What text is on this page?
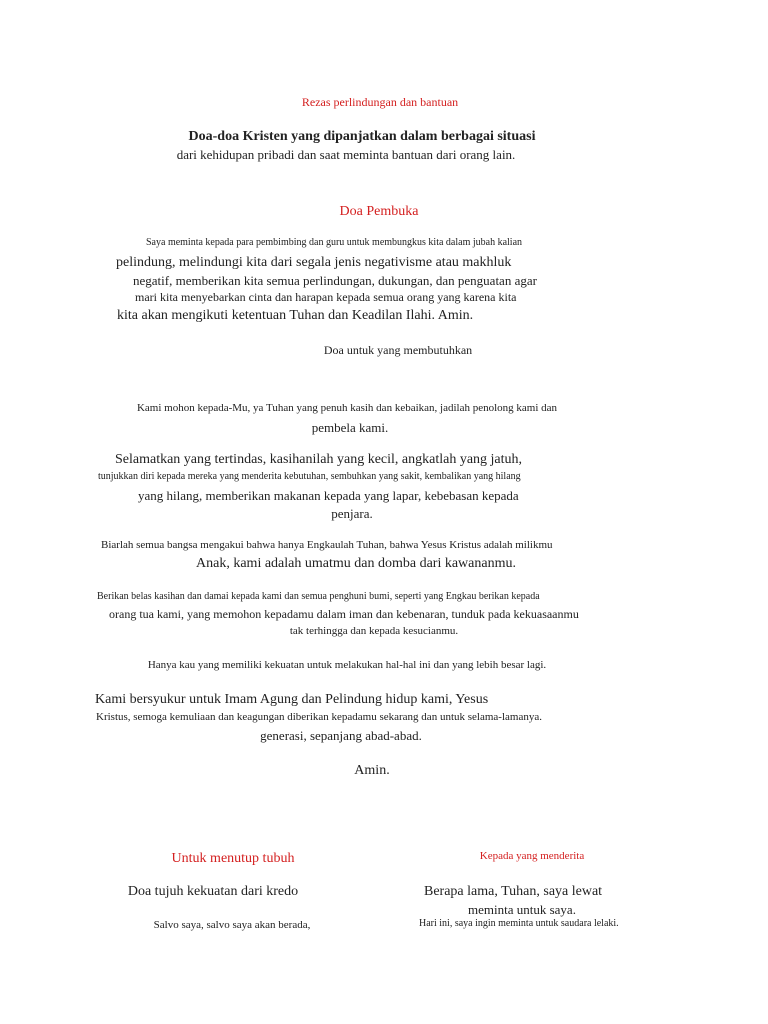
Rezas perlindungan dan bantuan
Doa-doa Kristen yang dipanjatkan dalam berbagai situasi
dari kehidupan pribadi dan saat meminta bantuan dari orang lain.
Doa Pembuka
Saya meminta kepada para pembimbing dan guru untuk membungkus kita dalam jubah kalian
pelindung, melindungi kita dari segala jenis negativisme atau makhluk
negatif, memberikan kita semua perlindungan, dukungan, dan penguatan agar
mari kita menyebarkan cinta dan harapan kepada semua orang yang karena kita
kita akan mengikuti ketentuan Tuhan dan Keadilan Ilahi. Amin.
Doa untuk yang membutuhkan
Kami mohon kepada-Mu, ya Tuhan yang penuh kasih dan kebaikan, jadilah penolong kami dan
pembela kami.
Selamatkan yang tertindas, kasihanilah yang kecil, angkatlah yang jatuh,
tunjukkan diri kepada mereka yang menderita kebutuhan, sembuhkan yang sakit, kembalikan yang hilang
yang hilang, memberikan makanan kepada yang lapar, kebebasan kepada
penjara.
Biarlah semua bangsa mengakui bahwa hanya Engkaulah Tuhan, bahwa Yesus Kristus adalah milikmu
Anak, kami adalah umatmu dan domba dari kawananmu.
Berikan belas kasihan dan damai kepada kami dan semua penghuni bumi, seperti yang Engkau berikan kepada
orang tua kami, yang memohon kepadamu dalam iman dan kebenaran, tunduk pada kekuasaanmu
tak terhingga dan kepada kesucianmu.
Hanya kau yang memiliki kekuatan untuk melakukan hal-hal ini dan yang lebih besar lagi.
Kami bersyukur untuk Imam Agung dan Pelindung hidup kami, Yesus
Kristus, semoga kemuliaan dan keagungan diberikan kepadamu sekarang dan untuk selama-lamanya.
generasi, sepanjang abad-abad.
Amin.
Untuk menutup tubuh
Doa tujuh kekuatan dari kredo
Salvo saya, salvo saya akan berada,
Kepada yang menderita
Berapa lama, Tuhan, saya lewat
meminta untuk saya.
Hari ini, saya ingin meminta untuk saudara lelaki.
